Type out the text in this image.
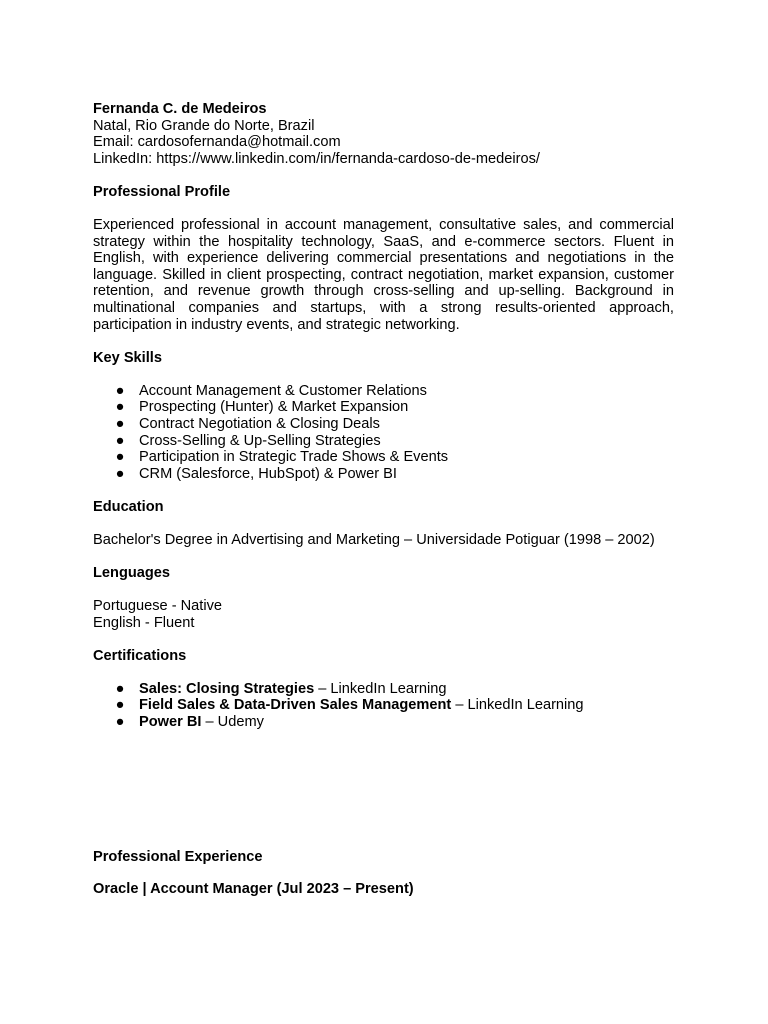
Fernanda C. de Medeiros
Natal, Rio Grande do Norte, Brazil
Email: cardosofernanda@hotmail.com
LinkedIn: https://www.linkedin.com/in/fernanda-cardoso-de-medeiros/
Professional Profile
Experienced professional in account management, consultative sales, and commercial strategy within the hospitality technology, SaaS, and e-commerce sectors. Fluent in English, with experience delivering commercial presentations and negotiations in the language. Skilled in client prospecting, contract negotiation, market expansion, customer retention, and revenue growth through cross-selling and up-selling. Background in multinational companies and startups, with a strong results-oriented approach, participation in industry events, and strategic networking.
Key Skills
● Account Management & Customer Relations
● Prospecting (Hunter) & Market Expansion
● Contract Negotiation & Closing Deals
● Cross-Selling & Up-Selling Strategies
● Participation in Strategic Trade Shows & Events
● CRM (Salesforce, HubSpot) & Power BI
Education
Bachelor's Degree in Advertising and Marketing – Universidade Potiguar (1998 – 2002)
Lenguages
Portuguese - Native
English - Fluent
Certifications
● Sales: Closing Strategies – LinkedIn Learning
● Field Sales & Data-Driven Sales Management – LinkedIn Learning
● Power BI – Udemy
Professional Experience
Oracle | Account Manager (Jul 2023 – Present)
